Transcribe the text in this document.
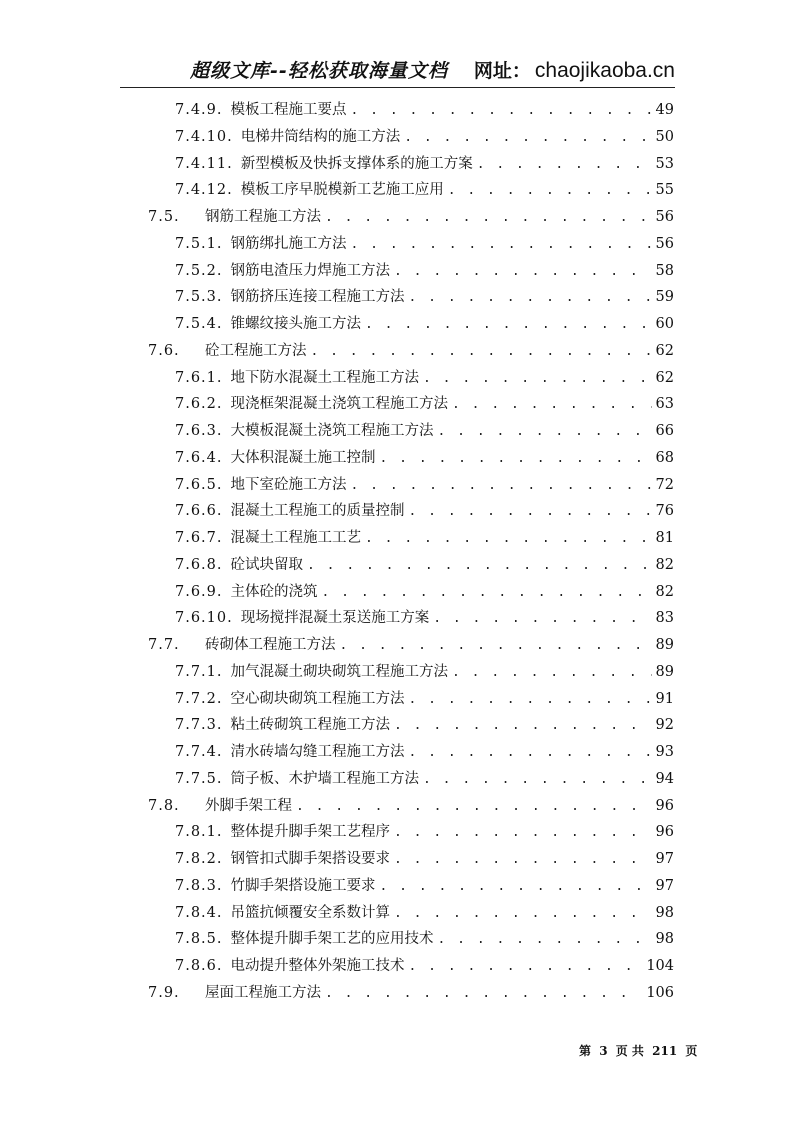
超级文库--轻松获取海量文档 网址： chaojikaoba.cn
7.4.9. 模板工程施工要点 . . .	49
7.4.10. 电梯井筒结构的施工方法 . . .	50
7.4.11. 新型模板及快拆支撑体系的施工方案 . . .	53
7.4.12. 模板工序早脱模新工艺施工应用 . . .	55
7.5.	钢筋工程施工方法 . . .	56
7.5.1. 钢筋绑扎施工方法 . . .	56
7.5.2. 钢筋电渣压力焊施工方法 . . .	58
7.5.3. 钢筋挤压连接工程施工方法 . . .	59
7.5.4. 锥螺纹接头施工方法 . . .	60
7.6.	砼工程施工方法 . . .	62
7.6.1. 地下防水混凝土工程施工方法 . . .	62
7.6.2. 现浇框架混凝土浇筑工程施工方法 . . .	63
7.6.3. 大模板混凝土浇筑工程施工方法 . . .	66
7.6.4. 大体积混凝土施工控制 . . .	68
7.6.5. 地下室砼施工方法 . . .	72
7.6.6. 混凝土工程施工的质量控制 . . .	76
7.6.7. 混凝土工程施工工艺 . . .	81
7.6.8. 砼试块留取 . . .	82
7.6.9. 主体砼的浇筑 . . .	82
7.6.10. 现场搅拌混凝土泵送施工方案 . . .	83
7.7.	砖砌体工程施工方法 . . .	89
7.7.1. 加气混凝土砌块砌筑工程施工方法 . . .	89
7.7.2. 空心砌块砌筑工程施工方法 . . .	91
7.7.3. 粘土砖砌筑工程施工方法 . . .	92
7.7.4. 清水砖墙勾缝工程施工方法 . . .	93
7.7.5. 筒子板、木护墙工程施工方法 . . .	94
7.8.	外脚手架工程 . . .	96
7.8.1. 整体提升脚手架工艺程序 . . .	96
7.8.2. 钢管扣式脚手架搭设要求 . . .	97
7.8.3. 竹脚手架搭设施工要求 . . .	97
7.8.4. 吊篮抗倾覆安全系数计算 . . .	98
7.8.5. 整体提升脚手架工艺的应用技术 . . .	98
7.8.6. 电动提升整体外架施工技术 . . .	104
7.9.	屋面工程施工方法 . . .	106
第 3 页 共 211 页
